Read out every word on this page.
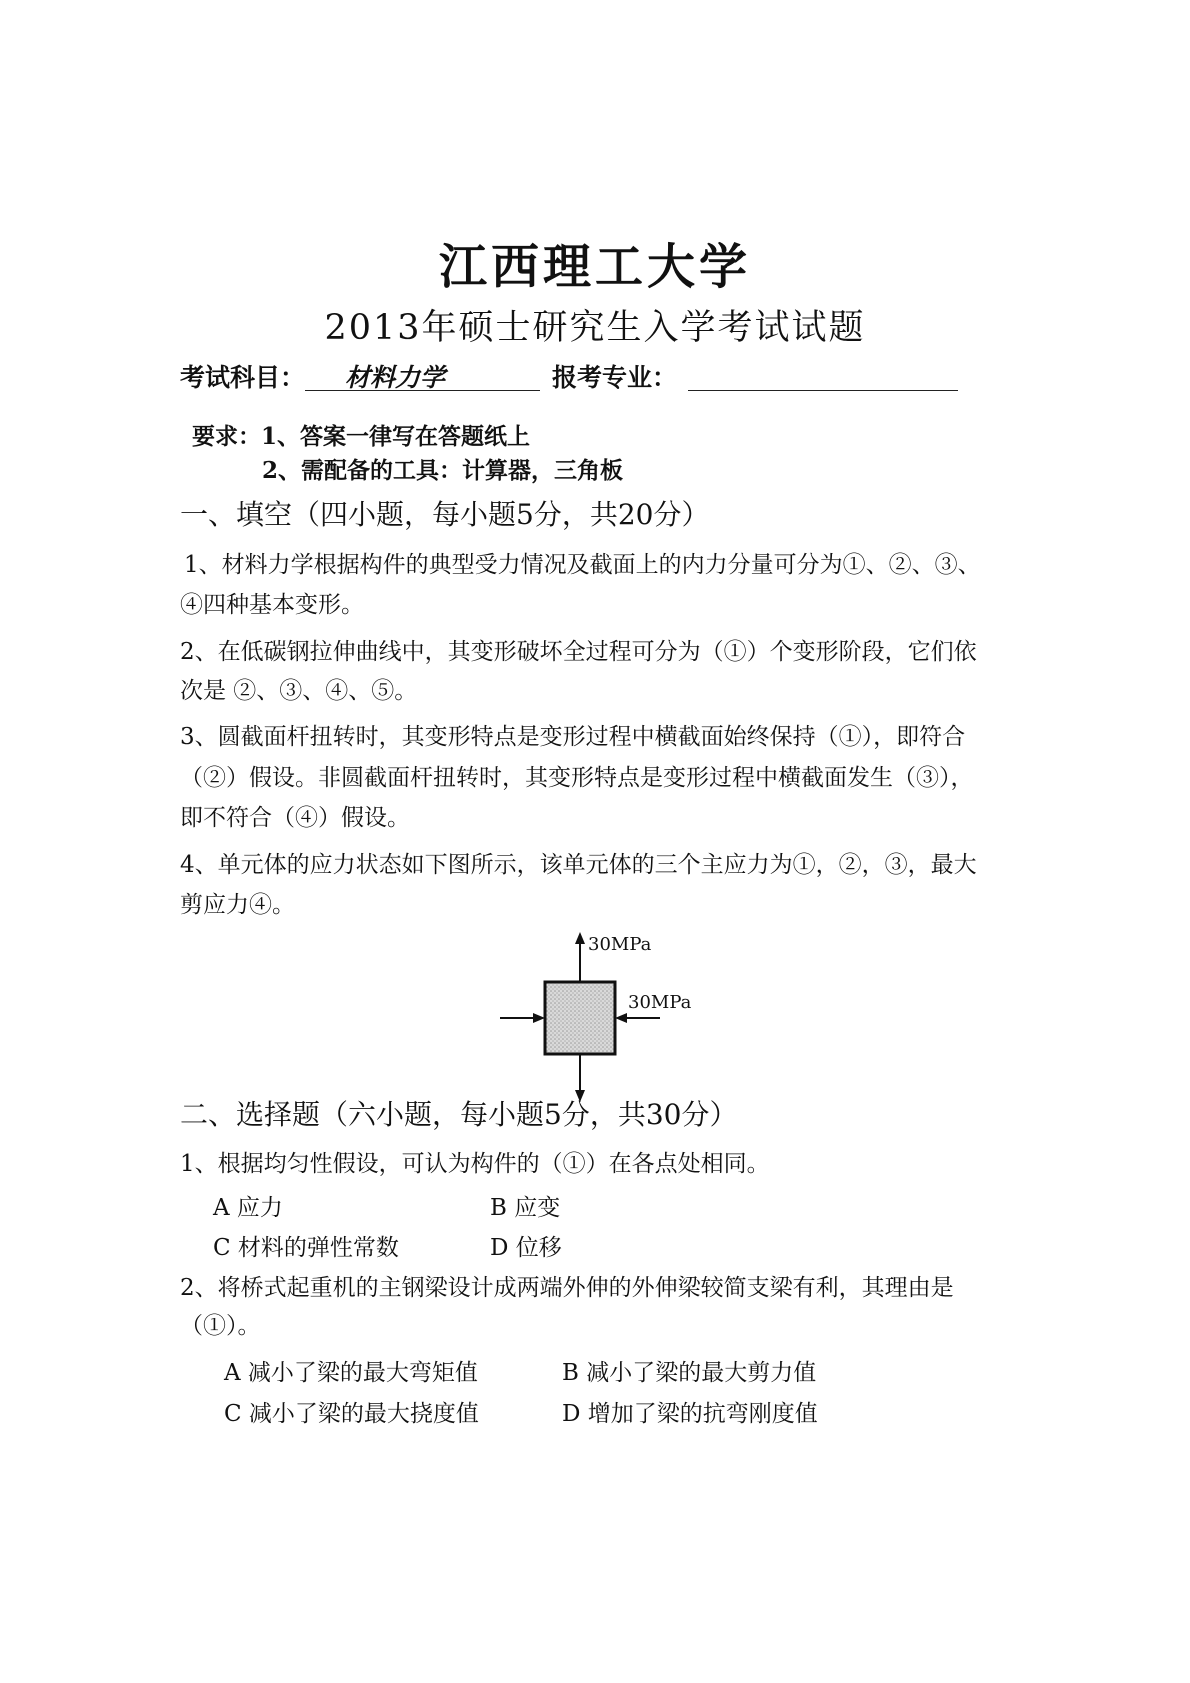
江西理工大学
2013年硕士研究生入学考试试题
考试科目： 材料力学	报考专业：
要求：1、答案一律写在答题纸上
2、需配备的工具：计算器，三角板
一、填空（四小题，每小题5分，共20分）
1、材料力学根据构件的典型受力情况及截面上的内力分量可分为①、②、③、
④四种基本变形。
2、在低碳钢拉伸曲线中，其变形破坏全过程可分为（①）个变形阶段，它们依
次是 ②、③、④、⑤。
3、圆截面杆扭转时，其变形特点是变形过程中横截面始终保持（①），即符合
（②）假设。非圆截面杆扭转时，其变形特点是变形过程中横截面发生（③），
即不符合（④）假设。
4、单元体的应力状态如下图所示，该单元体的三个主应力为①，②，③，最大
剪应力④。
30MPa
30MPa
二、选择题（六小题，每小题5分，共30分）
1、根据均匀性假设，可认为构件的（①）在各点处相同。
A 应力	B 应变
C 材料的弹性常数	D 位移
2、将桥式起重机的主钢梁设计成两端外伸的外伸梁较简支梁有利，其理由是
（①）。
A 减小了梁的最大弯矩值	B 减小了梁的最大剪力值
C 减小了梁的最大挠度值	D 增加了梁的抗弯刚度值
